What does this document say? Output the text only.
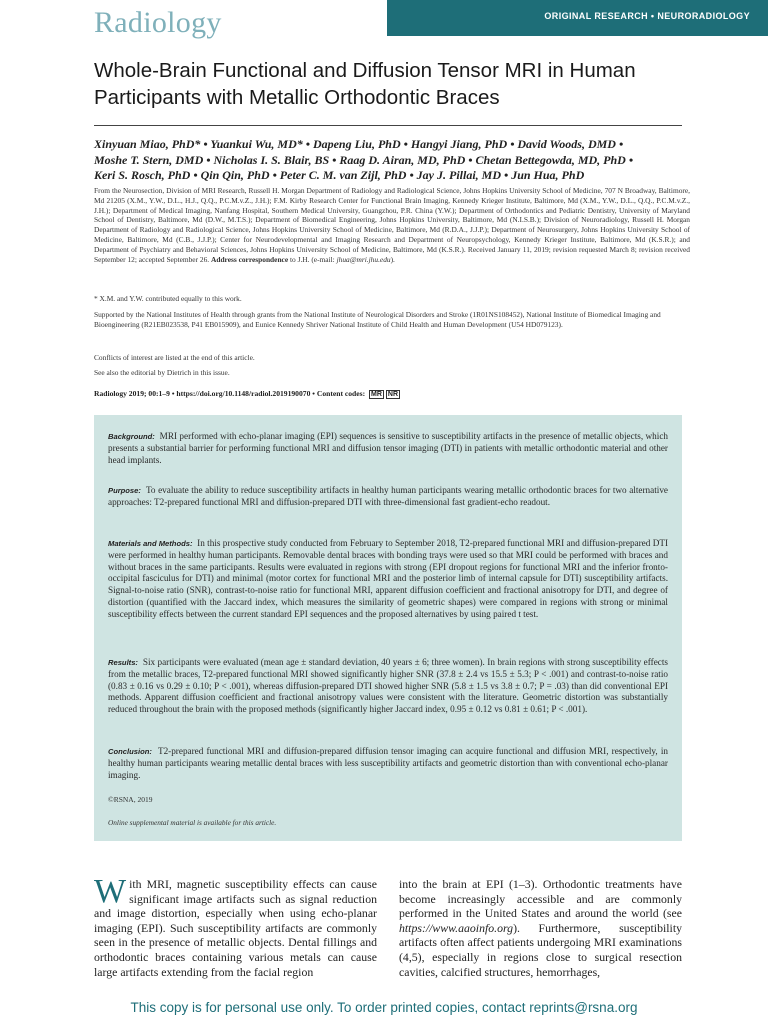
Radiology	ORIGINAL RESEARCH • NEURORADIOLOGY
Whole-Brain Functional and Diffusion Tensor MRI in Human Participants with Metallic Orthodontic Braces
Xinyuan Miao, PhD* • Yuankui Wu, MD* • Dapeng Liu, PhD • Hangyi Jiang, PhD • David Woods, DMD •
Moshe T. Stern, DMD • Nicholas I. S. Blair, BS • Raag D. Airan, MD, PhD • Chetan Bettegowda, MD, PhD •
Keri S. Rosch, PhD • Qin Qin, PhD • Peter C. M. van Zijl, PhD • Jay J. Pillai, MD • Jun Hua, PhD

From the Neurosection, Division of MRI Research, Russell H. Morgan Department of Radiology and Radiological Science, Johns Hopkins University School of Medicine, 707 N Broadway, Baltimore, Md 21205 (X.M., Y.W., D.L., H.J., Q.Q., P.C.M.v.Z., J.H.); F.M. Kirby Research Center for Functional Brain Imaging, Kennedy Krieger Institute, Baltimore, Md (X.M., Y.W., D.L., Q.Q., P.C.M.v.Z., J.H.); Department of Medical Imaging, Nanfang Hospital, Southern Medical University, Guangzhou, P.R. China (Y.W.); Department of Orthodontics and Pediatric Dentistry, University of Maryland School of Dentistry, Baltimore, Md (D.W., M.T.S.); Department of Biomedical Engineering, Johns Hopkins University, Baltimore, Md (N.I.S.B.); Division of Neuroradiology, Russell H. Morgan Department of Radiology and Radiological Science, Johns Hopkins University School of Medicine, Baltimore, Md (R.D.A., J.J.P.); Department of Neurosurgery, Johns Hopkins University School of Medicine, Baltimore, Md (C.B., J.J.P.); Center for Neurodevelopmental and Imaging Research and Department of Neuropsychology, Kennedy Krieger Institute, Baltimore, Md (K.S.R.); and Department of Psychiatry and Behavioral Sciences, Johns Hopkins University School of Medicine, Baltimore, Md (K.S.R.). Received January 11, 2019; revision requested March 8; revision received September 12; accepted September 26. Address correspondence to J.H. (e-mail: jhua@mri.jhu.edu).

* X.M. and Y.W. contributed equally to this work.

Supported by the National Institutes of Health through grants from the National Institute of Neurological Disorders and Stroke (1R01NS108452), National Institute of Biomedical Imaging and Bioengineering (R21EB023538, P41 EB015909), and Eunice Kennedy Shriver National Institute of Child Health and Human Development (U54 HD079123).

Conflicts of interest are listed at the end of this article.

See also the editorial by Dietrich in this issue.

Radiology 2019; 00:1–9 • https://doi.org/10.1148/radiol.2019190070 • Content codes: MR NR

Background: MRI performed with echo-planar imaging (EPI) sequences is sensitive to susceptibility artifacts in the presence of metallic objects, which presents a substantial barrier for performing functional MRI and diffusion tensor imaging (DTI) in patients with metallic orthodontic material and other head implants.

Purpose: To evaluate the ability to reduce susceptibility artifacts in healthy human participants wearing metallic orthodontic braces for two alternative approaches: T2-prepared functional MRI and diffusion-prepared DTI with three-dimensional fast gradient-echo readout.

Materials and Methods: In this prospective study conducted from February to September 2018, T2-prepared functional MRI and diffusion-prepared DTI were performed in healthy human participants. Removable dental braces with bonding trays were used so that MRI could be performed with braces and without braces in the same participants. Results were evaluated in regions with strong (EPI dropout regions for functional MRI and the inferior fronto-occipital fasciculus for DTI) and minimal (motor cortex for functional MRI and the posterior limb of internal capsule for DTI) susceptibility artifacts. Signal-to-noise ratio (SNR), contrast-to-noise ratio for functional MRI, apparent diffusion coefficient and fractional anisotropy for DTI, and degree of distortion (quantified with the Jaccard index, which measures the similarity of geometric shapes) were compared in regions with strong or minimal susceptibility effects between the current standard EPI sequences and the proposed alternatives by using paired t test.

Results: Six participants were evaluated (mean age ± standard deviation, 40 years ± 6; three women). In brain regions with strong susceptibility effects from the metallic braces, T2-prepared functional MRI showed significantly higher SNR (37.8 ± 2.4 vs 15.5 ± 5.3; P < .001) and contrast-to-noise ratio (0.83 ± 0.16 vs 0.29 ± 0.10; P < .001), whereas diffusion-prepared DTI showed higher SNR (5.8 ± 1.5 vs 3.8 ± 0.7; P = .03) than did conventional EPI methods. Apparent diffusion coefficient and fractional anisotropy values were consistent with the literature. Geometric distortion was substantially reduced throughout the brain with the proposed methods (significantly higher Jaccard index, 0.95 ± 0.12 vs 0.81 ± 0.61; P < .001).

Conclusion: T2-prepared functional MRI and diffusion-prepared diffusion tensor imaging can acquire functional and diffusion MRI, respectively, in healthy human participants wearing metallic dental braces with less susceptibility artifacts and geometric distortion than with conventional echo-planar imaging.

©RSNA, 2019
Online supplemental material is available for this article.

With MRI, magnetic susceptibility effects can cause significant image artifacts such as signal reduction and image distortion, especially when using echo-planar imaging (EPI). Such susceptibility artifacts are commonly seen in the presence of metallic objects. Dental fillings and orthodontic braces containing various metals can cause large artifacts extending from the facial region

into the brain at EPI (1–3). Orthodontic treatments have become increasingly accessible and are commonly performed in the United States and around the world (see https://www.aaoinfo.org). Furthermore, susceptibility artifacts often affect patients undergoing MRI examinations (4,5), especially in regions close to surgical resection cavities, calcified structures, hemorrhages,

This copy is for personal use only. To order printed copies, contact reprints@rsna.org
